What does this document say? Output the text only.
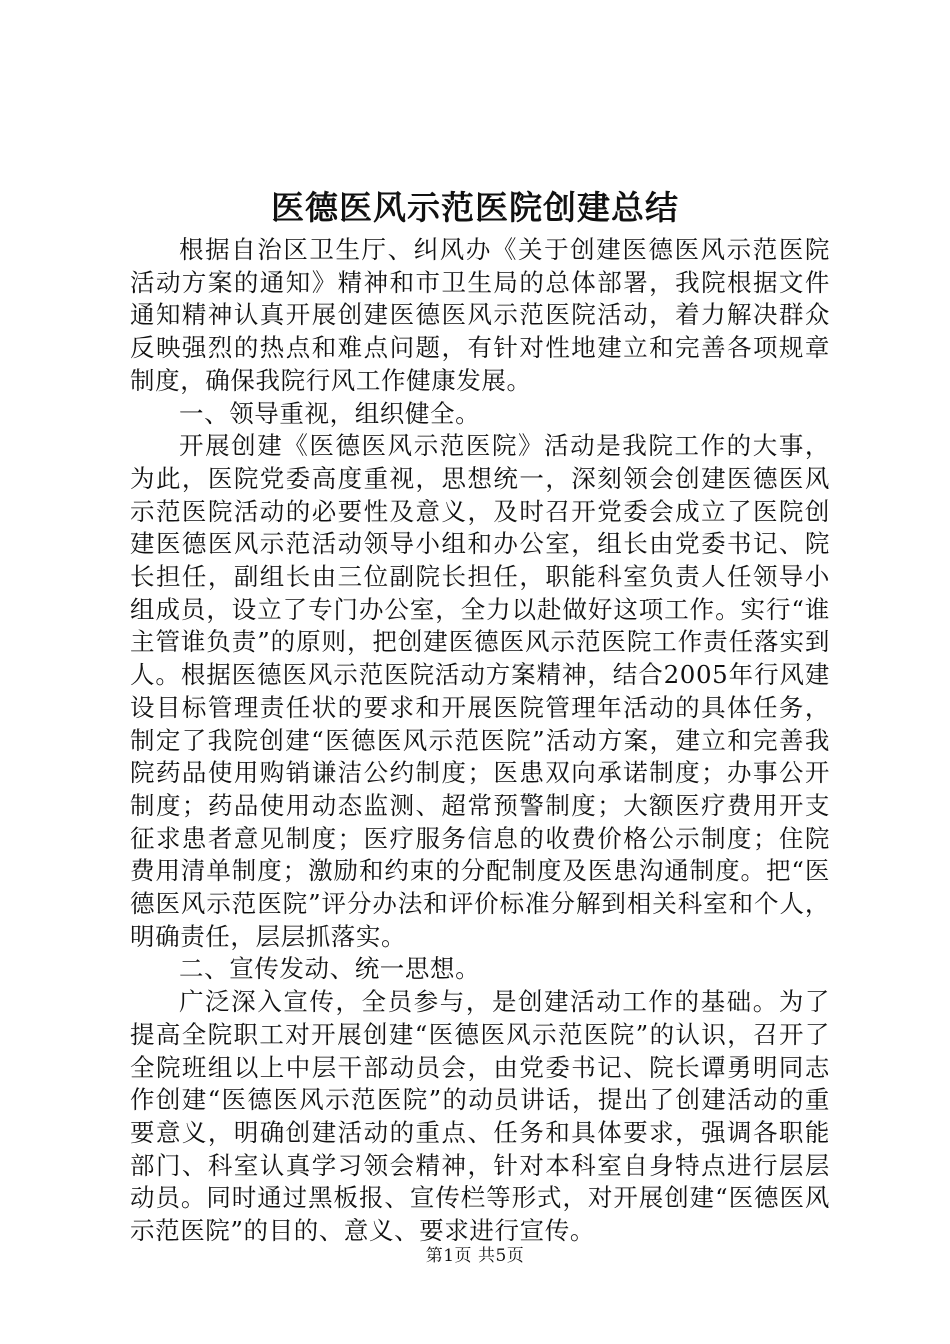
医德医风示范医院创建总结

根据自治区卫生厅、纠风办《关于创建医德医风示范医院活动方案的通知》精神和市卫生局的总体部署，我院根据文件通知精神认真开展创建医德医风示范医院活动，着力解决群众反映强烈的热点和难点问题，有针对性地建立和完善各项规章制度，确保我院行风工作健康发展。

一、领导重视，组织健全。

开展创建《医德医风示范医院》活动是我院工作的大事，为此，医院党委高度重视，思想统一，深刻领会创建医德医风示范医院活动的必要性及意义，及时召开党委会成立了医院创建医德医风示范活动领导小组和办公室，组长由党委书记、院长担任，副组长由三位副院长担任，职能科室负责人任领导小组成员，设立了专门办公室，全力以赴做好这项工作。实行“谁主管谁负责”的原则，把创建医德医风示范医院工作责任落实到人。根据医德医风示范医院活动方案精神，结合2005年行风建设目标管理责任状的要求和开展医院管理年活动的具体任务，制定了我院创建“医德医风示范医院”活动方案，建立和完善我院药品使用购销谦洁公约制度；医患双向承诺制度；办事公开制度；药品使用动态监测、超常预警制度；大额医疗费用开支征求患者意见制度；医疗服务信息的收费价格公示制度；住院费用清单制度；激励和约束的分配制度及医患沟通制度。把“医德医风示范医院”评分办法和评价标准分解到相关科室和个人，明确责任，层层抓落实。

二、宣传发动、统一思想。

广泛深入宣传，全员参与，是创建活动工作的基础。为了提高全院职工对开展创建“医德医风示范医院”的认识，召开了全院班组以上中层干部动员会，由党委书记、院长谭勇明同志作创建“医德医风示范医院”的动员讲话，提出了创建活动的重要意义，明确创建活动的重点、任务和具体要求，强调各职能部门、科室认真学习领会精神，针对本科室自身特点进行层层动员。同时通过黑板报、宣传栏等形式，对开展创建“医德医风示范医院”的目的、意义、要求进行宣传。

第1页 共5页
